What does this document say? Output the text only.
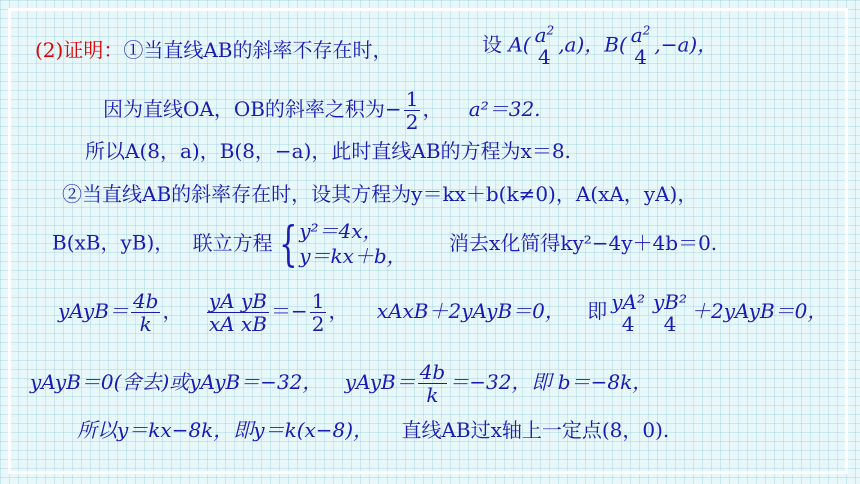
(2)证明：①当直线AB的斜率不存在时，	设 A( $a^2$
4
,a)，B( $a^2$
4
,−a)，
因为直线OA，OB的斜率之积为− $\frac{1}{2}$ ， a²＝32.
所以A(8，a)，B(8，−a)，此时直线AB的方程为x＝8.
②当直线AB的斜率存在时，设其方程为y＝kx＋b(k≠0)，A(xA，yA)，
B(xB，yB)， 联立方程 { y²＝4x，
y＝kx＋b，
消去x化简得ky²−4y＋4b＝0.
yAyB＝ $\frac{4b}{k}$ ， $\frac{\text{yA yB}}{\text{xA xB}} =- \frac{1}{2}$ ， xAxB＋2yAyB＝0， 即 yA²
4
yB²
4
＋2yAyB＝0，
yAyB＝0(舍去)或yAyB＝−32， yAyB＝ $\frac{4b}{k} =-32$，即 b＝−8k，
所以y＝kx−8k，即y＝k(x−8)， 直线AB过x轴上一定点(8，0).
